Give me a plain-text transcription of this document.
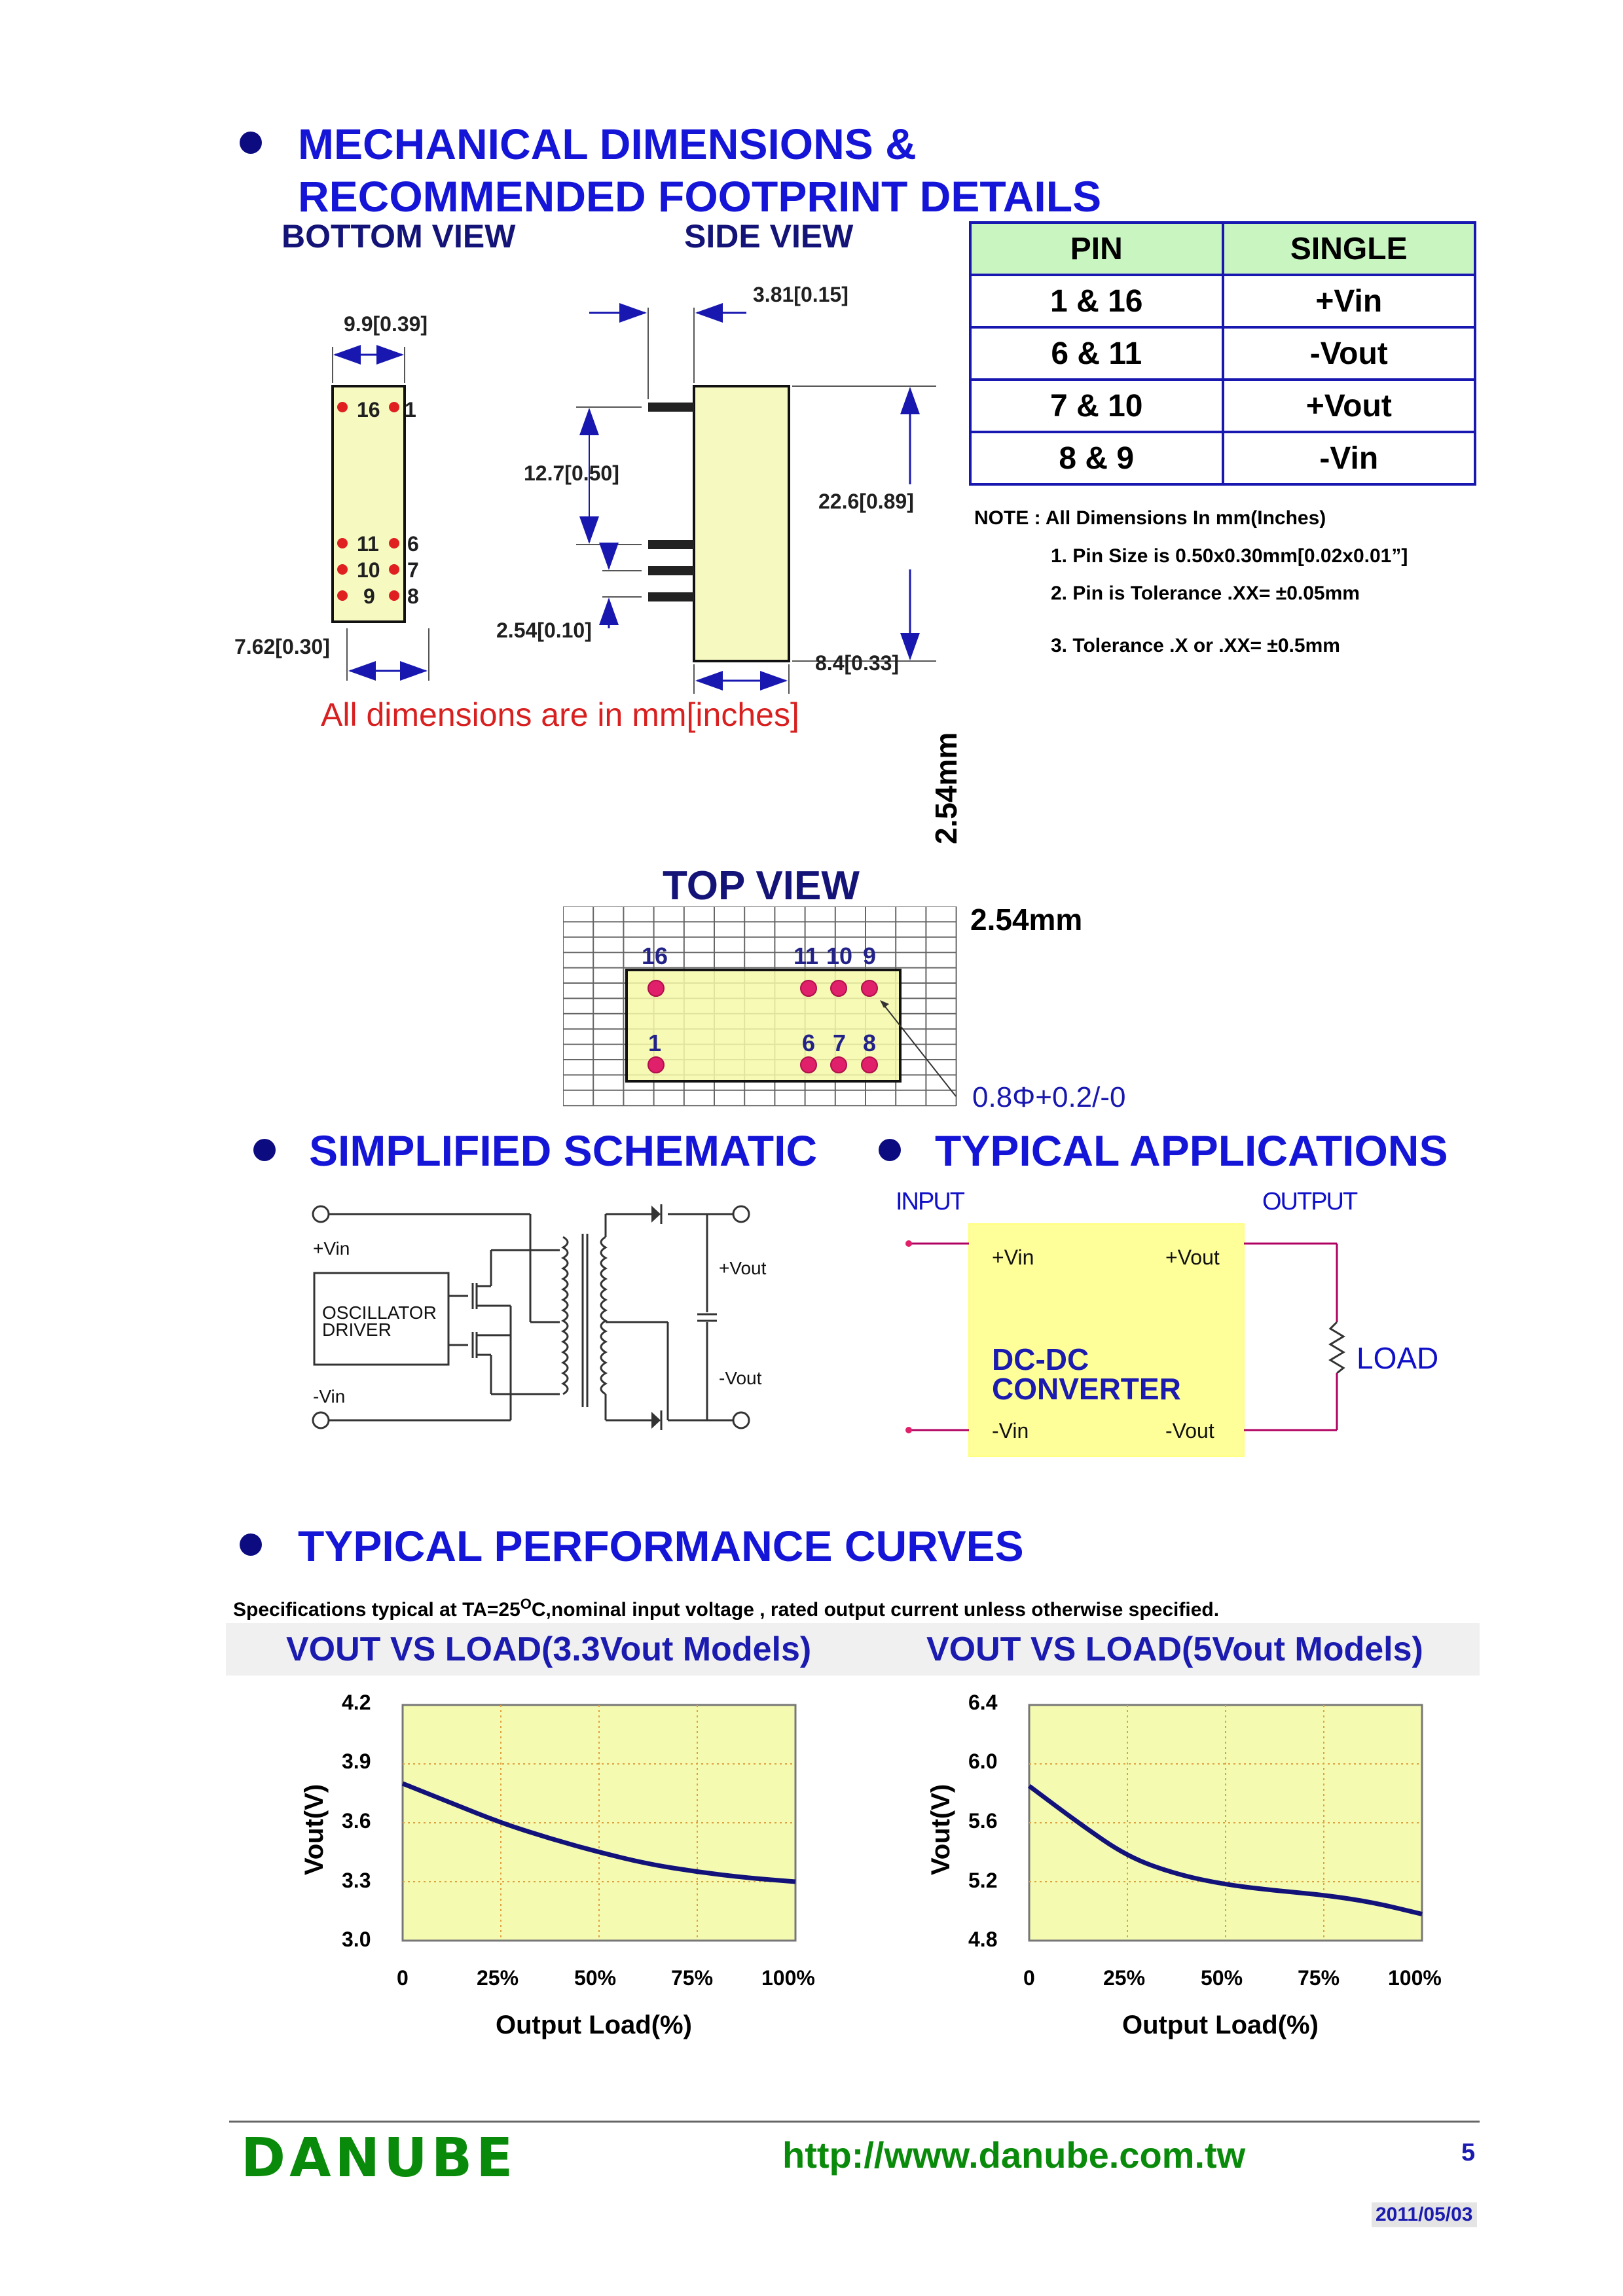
MECHANICAL DIMENSIONS &
RECOMMENDED FOOTPRINT DETAILS
BOTTOM VIEW	SIDE VIEW
16 1
11 6
10 7
9 8
9.9[0.39]
7.62[0.30]
3.81[0.15]
12.7[0.50]
22.6[0.89]
2.54[0.10]
8.4[0.33]
All dimensions are in mm[inches]
PIN	SINGLE
1 & 16	+Vin
6 & 11	-Vout
7 & 10	+Vout
8 & 9	-Vin
NOTE : All Dimensions In mm(Inches)
1. Pin Size is 0.50x0.30mm[0.02x0.01”]
2. Pin is Tolerance .XX= ±0.05mm
3. Tolerance .X or .XX= ±0.5mm
TOP VIEW
2.54mm
2.54mm
16	11 10 9
1	6 7 8
0.8Φ+0.2/-0
SIMPLIFIED SCHEMATIC	TYPICAL APPLICATIONS
+Vin
-Vin
+Vout
-Vout
OSCILLATOR
DRIVER
INPUT	OUTPUT
+Vin	+Vout
-Vin	-Vout
DC-DC
CONVERTER
LOAD
TYPICAL PERFORMANCE CURVES
Specifications typical at $TA=25^OC,nominal$ input voltage , rated output current unless otherwise specified.
VOUT VS LOAD(3.3Vout Models)	VOUT VS LOAD(5Vout Models)
4.2
3.9
3.6
3.3
3.0
0	25%	50%	75% 100%
Output Load(%)
Vout(V)
6.4
6.0
5.6
5.2
4.8
0	25%	50%	75% 100%
Output Load(%)
Vout(V)
DANUBE	http://www.danube.com.tw	5
2011/05/03
